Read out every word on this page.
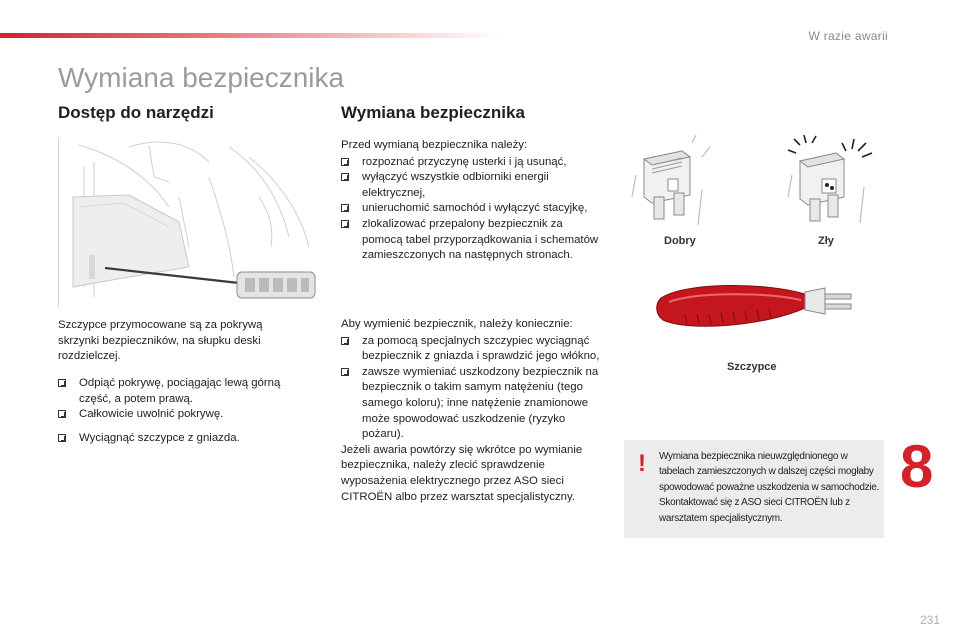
W razie awarii
Wymiana bezpiecznika
Dostęp do narzędzi

Szczypce przymocowane są za pokrywą skrzynki bezpieczników, na słupku deski rozdzielczej.

Odpiąć pokrywę, pociągając lewą górną część, a potem prawą.
Całkowicie uwolnić pokrywę.
Wyciągnąć szczypce z gniazda.
Wymiana bezpiecznika

Przed wymianą bezpiecznika należy:

rozpoznać przyczynę usterki i ją usunąć,
wyłączyć wszystkie odbiorniki energii elektrycznej,
unieruchomić samochód i wyłączyć stacyjkę,
zlokalizować przepalony bezpiecznik za pomocą tabel przyporządkowania i schematów zamieszczonych na następnych stronach.

Aby wymienić bezpiecznik, należy koniecznie:

za pomocą specjalnych szczypiec wyciągnąć bezpiecznik z gniazda i sprawdzić jego włókno,
zawsze wymieniać uszkodzony bezpiecznik na bezpiecznik o takim samym natężeniu (tego samego koloru); inne natężenie znamionowe może spowodować uszkodzenie (ryzyko pożaru).

Jeżeli awaria powtórzy się wkrótce po wymianie bezpiecznika, należy zlecić sprawdzenie wyposażenia elektrycznego przez ASO sieci CITROËN albo przez warsztat specjalistyczny.

Dobry	Zły
Szczypce
! Wymiana bezpiecznika nieuwzględnionego w tabelach zamieszczonych w dalszej części mogłaby spowodować poważne uszkodzenia w samochodzie. Skontaktować się z ASO sieci CITROËN lub z warsztatem specjalistycznym.
8
231
